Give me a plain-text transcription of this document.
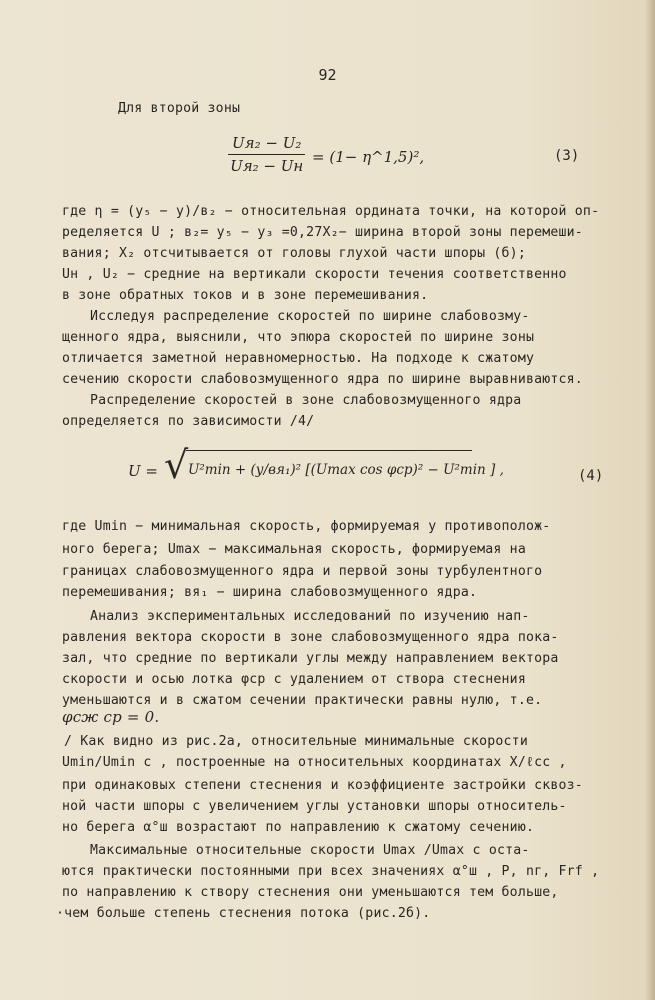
92
Для второй зоны
Uя₂ − U₂
Uя₂ − Uн = (1− η^1,5)²,	(3)
где η = (у₅ − у)/в₂ − относительная ордината точки, на которой оп-
ределяется U ; в₂= у₅ − у₃ =0,27Х₂− ширина второй зоны перемеши-
вания; Х₂ отсчитывается от головы глухой части шпоры (б);
Uн , U₂ − средние на вертикали скорости течения соответственно
в зоне обратных токов и в зоне перемешивания.
Исследуя распределение скоростей по ширине слабовозму-
щенного ядра, выяснили, что эпюра скоростей по ширине зоны
отличается заметной неравномерностью. На подходе к сжатому
сечению скорости слабовозмущенного ядра по ширине выравниваются.
Распределение скоростей в зоне слабовозмущенного ядра
определяется по зависимости /4/
U = √ U²min + (у/вя₁)² [(Umax cos φср)² − U²min ] ,	(4)
где Umin − минимальная скорость, формируемая у противополож-
ного берега; Umax − максимальная скорость, формируемая на
границах слабовозмущенного ядра и первой зоны турбулентного
перемешивания; вя₁ − ширина слабовозмущенного ядра.
Анализ экспериментальных исследований по изучению нап-
равления вектора скорости в зоне слабовозмущенного ядра пока-
зал, что средние по вертикали углы между направлением вектора
скорости и осью лотка φср с удалением от створа стеснения
уменьшаются и в сжатом сечении практически равны нулю, т.е.
φсж ср = 0.
/ Как видно из рис.2а, относительные минимальные скорости
Umin/Umin c , построенные на относительных координатах X/ℓсс ,
при одинаковых степени стеснения и коэффициенте застройки сквоз-
ной части шпоры с увеличением углы установки шпоры относитель-
но берега α°ш возрастают по направлению к сжатому сечению.
Максимальные относительные скорости Umax /Umax c оста-
ются практически постоянными при всех значениях α°ш , P, nг, Frf ,
по направлению к створу стеснения они уменьшаются тем больше,
·чем больше степень стеснения потока (рис.2б).
